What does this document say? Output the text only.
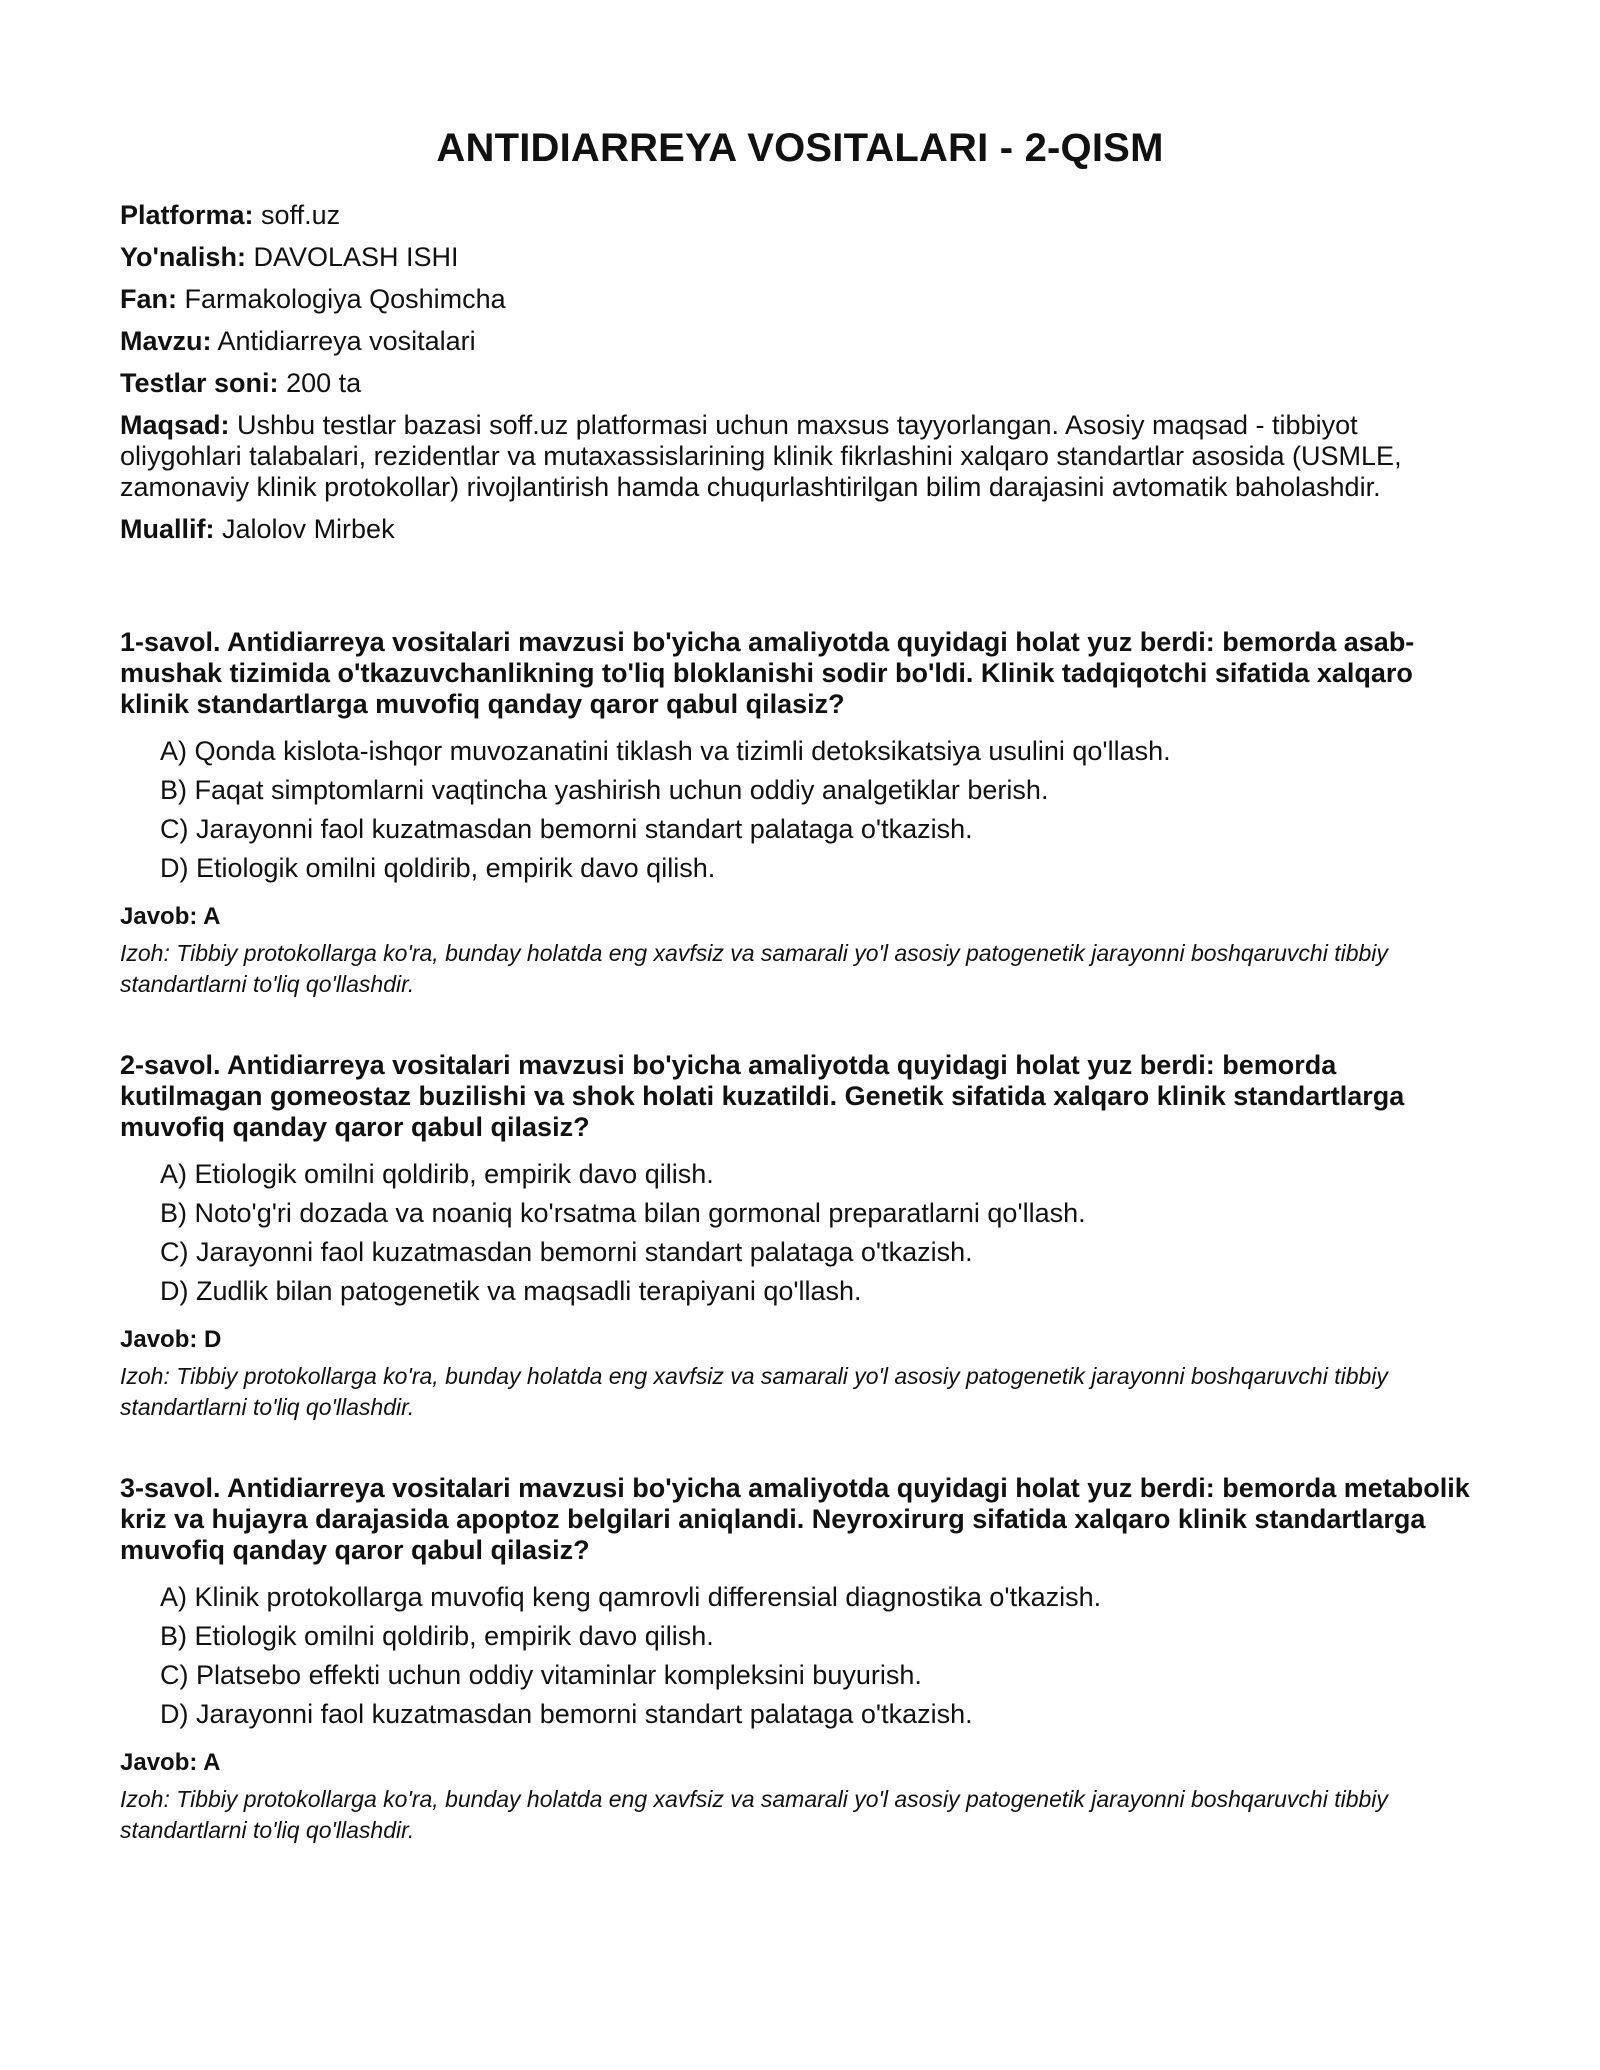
ANTIDIARREYA VOSITALARI - 2-QISM
Platforma: soff.uz
Yo'nalish: DAVOLASH ISHI
Fan: Farmakologiya Qoshimcha
Mavzu: Antidiarreya vositalari
Testlar soni: 200 ta
Maqsad: Ushbu testlar bazasi soff.uz platformasi uchun maxsus tayyorlangan. Asosiy maqsad - tibbiyot oliygohlari talabalari, rezidentlar va mutaxassislarining klinik fikrlashini xalqaro standartlar asosida (USMLE, zamonaviy klinik protokollar) rivojlantirish hamda chuqurlashtirilgan bilim darajasini avtomatik baholashdir.
Muallif: Jalolov Mirbek
1-savol. Antidiarreya vositalari mavzusi bo'yicha amaliyotda quyidagi holat yuz berdi: bemorda asab-mushak tizimida o'tkazuvchanlikning to'liq bloklanishi sodir bo'ldi. Klinik tadqiqotchi sifatida xalqaro klinik standartlarga muvofiq qanday qaror qabul qilasiz?
A) Qonda kislota-ishqor muvozanatini tiklash va tizimli detoksikatsiya usulini qo'llash.
B) Faqat simptomlarni vaqtincha yashirish uchun oddiy analgetiklar berish.
C) Jarayonni faol kuzatmasdan bemorni standart palataga o'tkazish.
D) Etiologik omilni qoldirib, empirik davo qilish.
Javob: A
Izoh: Tibbiy protokollarga ko'ra, bunday holatda eng xavfsiz va samarali yo'l asosiy patogenetik jarayonni boshqaruvchi tibbiy standartlarni to'liq qo'llashdir.
2-savol. Antidiarreya vositalari mavzusi bo'yicha amaliyotda quyidagi holat yuz berdi: bemorda kutilmagan gomeostaz buzilishi va shok holati kuzatildi. Genetik sifatida xalqaro klinik standartlarga muvofiq qanday qaror qabul qilasiz?
A) Etiologik omilni qoldirib, empirik davo qilish.
B) Noto'g'ri dozada va noaniq ko'rsatma bilan gormonal preparatlarni qo'llash.
C) Jarayonni faol kuzatmasdan bemorni standart palataga o'tkazish.
D) Zudlik bilan patogenetik va maqsadli terapiyani qo'llash.
Javob: D
Izoh: Tibbiy protokollarga ko'ra, bunday holatda eng xavfsiz va samarali yo'l asosiy patogenetik jarayonni boshqaruvchi tibbiy standartlarni to'liq qo'llashdir.
3-savol. Antidiarreya vositalari mavzusi bo'yicha amaliyotda quyidagi holat yuz berdi: bemorda metabolik kriz va hujayra darajasida apoptoz belgilari aniqlandi. Neyroxirurg sifatida xalqaro klinik standartlarga muvofiq qanday qaror qabul qilasiz?
A) Klinik protokollarga muvofiq keng qamrovli differensial diagnostika o'tkazish.
B) Etiologik omilni qoldirib, empirik davo qilish.
C) Platsebo effekti uchun oddiy vitaminlar kompleksini buyurish.
D) Jarayonni faol kuzatmasdan bemorni standart palataga o'tkazish.
Javob: A
Izoh: Tibbiy protokollarga ko'ra, bunday holatda eng xavfsiz va samarali yo'l asosiy patogenetik jarayonni boshqaruvchi tibbiy standartlarni to'liq qo'llashdir.
